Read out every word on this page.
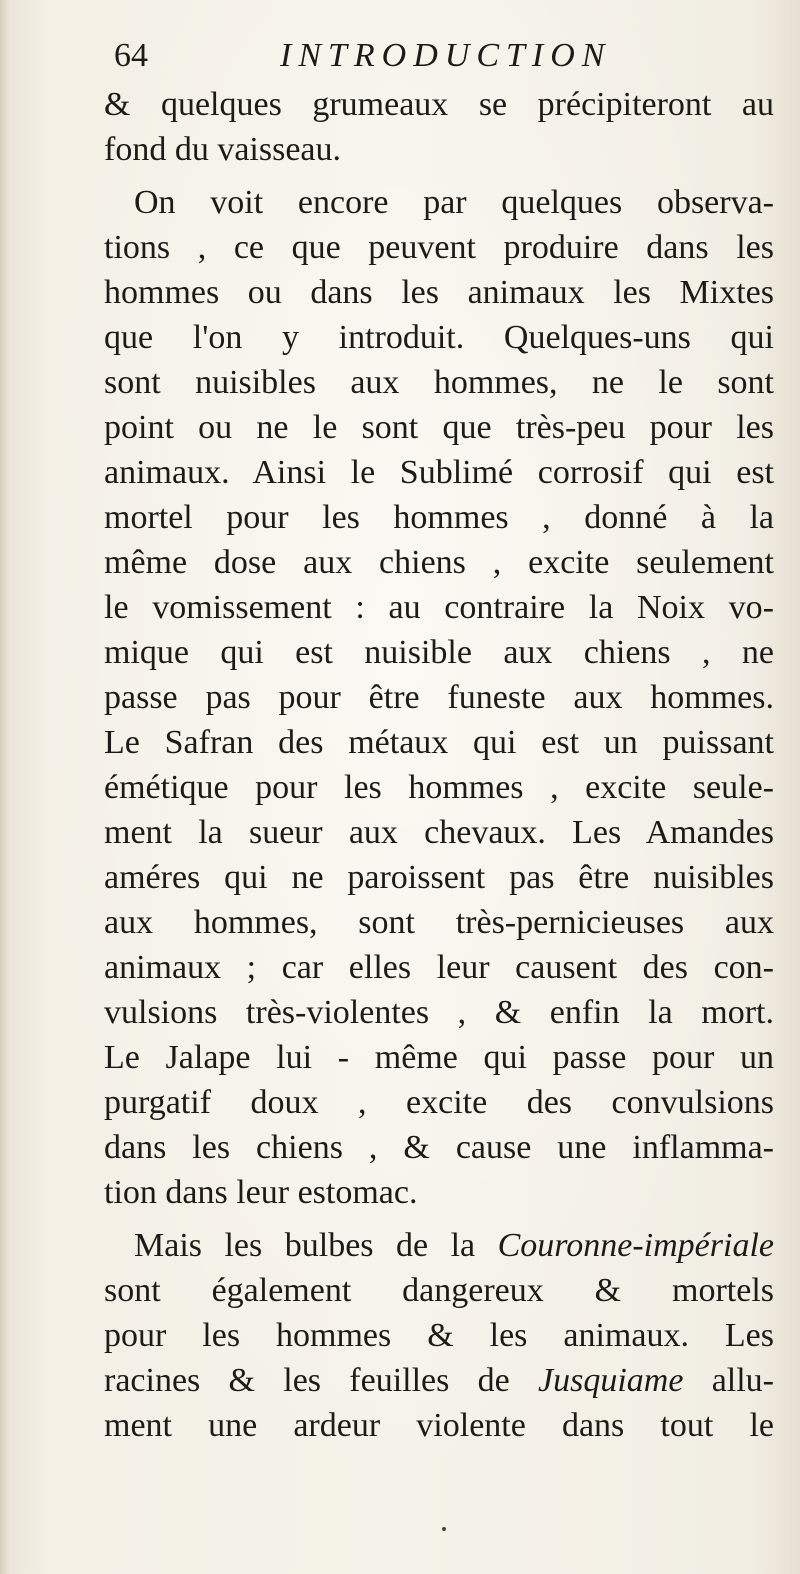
64	INTRODUCTION
& quelques grumeaux se précipiteront au
fond du vaisseau.
On voit encore par quelques observa-
tions , ce que peuvent produire dans les
hommes ou dans les animaux les Mixtes
que l'on y introduit. Quelques-uns qui
sont nuisibles aux hommes, ne le sont
point ou ne le sont que très-peu pour les
animaux. Ainsi le Sublimé corrosif qui est
mortel pour les hommes , donné à la
même dose aux chiens , excite seulement
le vomissement : au contraire la Noix vo-
mique qui est nuisible aux chiens , ne
passe pas pour être funeste aux hommes.
Le Safran des métaux qui est un puissant
émétique pour les hommes , excite seule-
ment la sueur aux chevaux. Les Amandes
améres qui ne paroissent pas être nuisibles
aux hommes, sont très-pernicieuses aux
animaux ; car elles leur causent des con-
vulsions très-violentes , & enfin la mort.
Le Jalape lui - même qui passe pour un
purgatif doux , excite des convulsions
dans les chiens , & cause une inflamma-
tion dans leur estomac.
Mais les bulbes de la Couronne-impériale
sont également dangereux & mortels
pour les hommes & les animaux. Les
racines & les feuilles de Jusquiame allu-
ment une ardeur violente dans tout le
